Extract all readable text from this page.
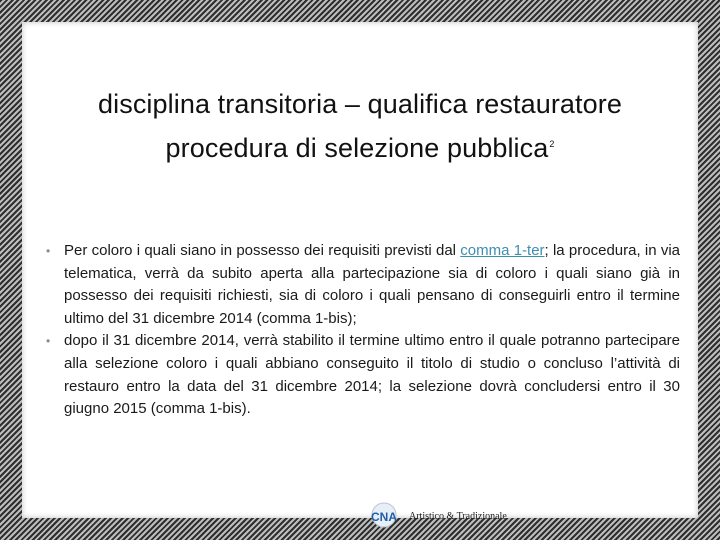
disciplina transitoria – qualifica restauratore
procedura di selezione pubblica$^2$
• Per coloro i quali siano in possesso dei requisiti previsti dal comma 1-ter; la procedura, in via telematica, verrà da subito aperta alla partecipazione sia di coloro i quali siano già in possesso dei requisiti richiesti, sia di coloro i quali pensano di conseguirli entro il termine ultimo del 31 dicembre 2014 (comma 1-bis);
• dopo il 31 dicembre 2014, verrà stabilito il termine ultimo entro il quale potranno partecipare alla selezione coloro i quali abbiano conseguito il titolo di studio o concluso l’attività di restauro entro la data del 31 dicembre 2014; la selezione dovrà concludersi entro il 30 giugno 2015 (comma 1-bis).
CNA Artistico & Tradizionale
